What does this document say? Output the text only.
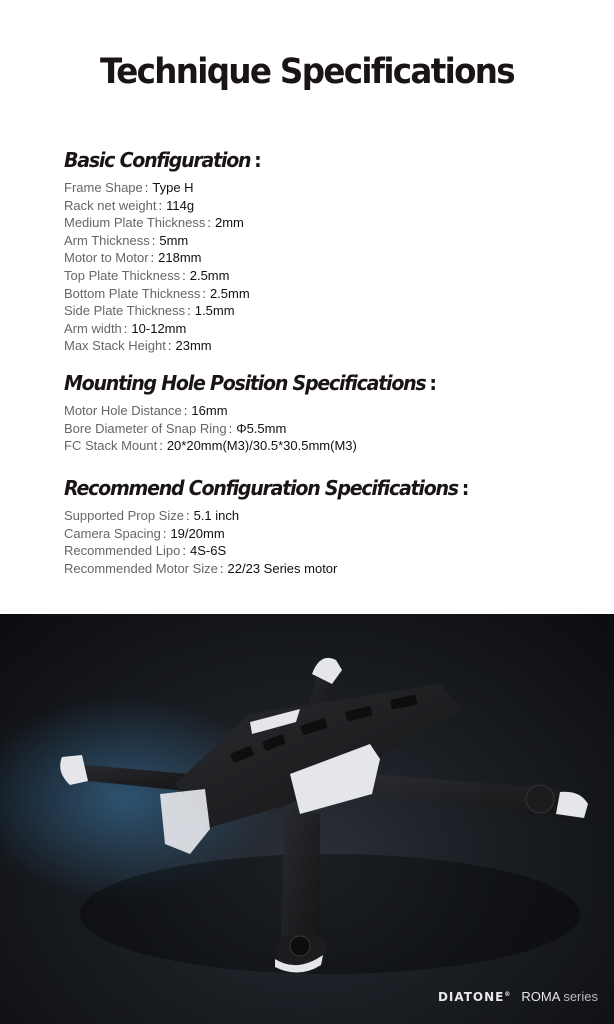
Technique Specifications
Basic Configuration :
Frame Shape : Type H
Rack net weight : 114g
Medium Plate Thickness : 2mm
Arm Thickness : 5mm
Motor to Motor : 218mm
Top Plate Thickness : 2.5mm
Bottom Plate Thickness : 2.5mm
Side Plate Thickness : 1.5mm
Arm width : 10-12mm
Max Stack Height : 23mm
Mounting Hole Position Specifications :
Motor Hole Distance : 16mm
Bore Diameter of Snap Ring : Φ5.5mm
FC Stack Mount : 20*20mm(M3)/30.5*30.5mm(M3)
Recommend Configuration Specifications :
Supported Prop Size : 5.1 inch
Camera Spacing : 19/20mm
Recommended Lipo : 4S-6S
Recommended Motor Size : 22/23 Series motor
DIATONE® ROMA series
